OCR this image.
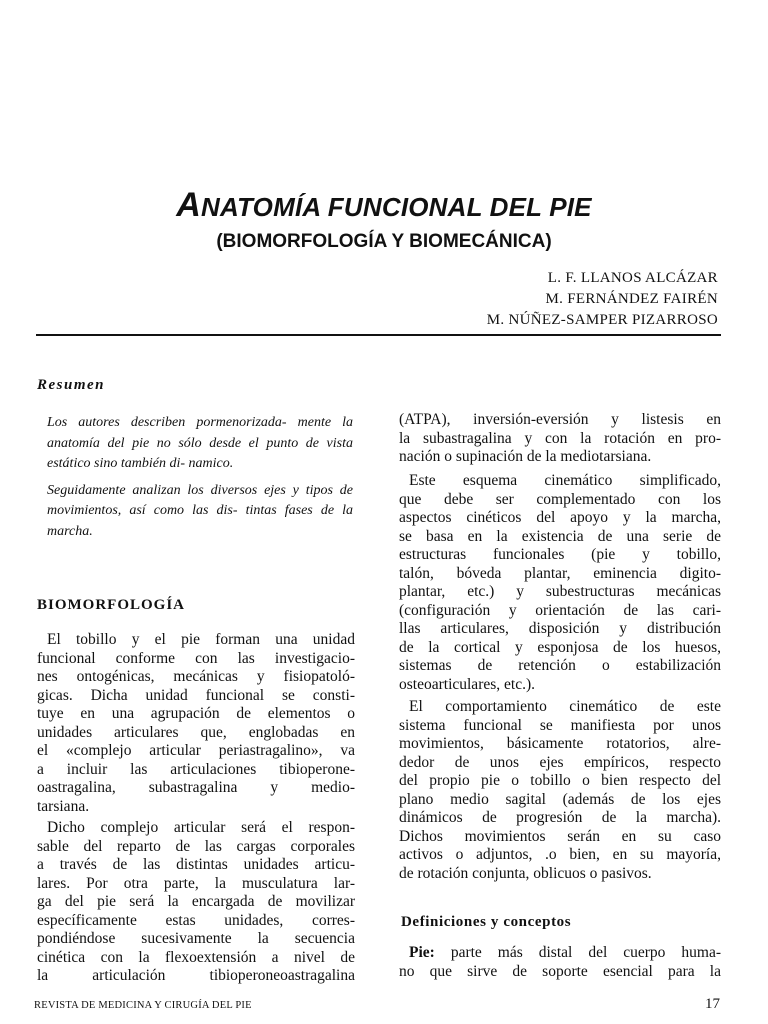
ANATOMÍA FUNCIONAL DEL PIE
(BIOMORFOLOGÍA Y BIOMECÁNICA)
L. F. LLANOS ALCÁZAR
M. FERNÁNDEZ FAIRÉN
M. NÚÑEZ-SAMPER PIZARROSO
Resumen

Los autores describen pormenorizada- mente la anatomía del pie no sólo desde el punto de vista estático sino también di- namico.

Seguidamente analizan los diversos ejes y tipos de movimientos, así como las dis- tintas fases de la marcha.

BIOMORFOLOGÍA
El tobillo y el pie forman una unidad
funcional conforme con las investigacio-
nes ontogénicas, mecánicas y fisiopatoló-
gicas. Dicha unidad funcional se consti-
tuye en una agrupación de elementos o
unidades articulares que, englobadas en
el «complejo articular periastragalino», va
a incluir las articulaciones tibioperone-
oastragalina, subastragalina y medio-
tarsiana.
Dicho complejo articular será el respon-
sable del reparto de las cargas corporales
a través de las distintas unidades articu-
lares. Por otra parte, la musculatura lar-
ga del pie será la encargada de movilizar
específicamente estas unidades, corres-
pondiéndose sucesivamente la secuencia
cinética con la flexoextensión a nivel de
la articulación tibioperoneoastragalina
(ATPA), inversión-eversión y listesis en
la subastragalina y con la rotación en pro-
nación o supinación de la mediotarsiana.
Este esquema cinemático simplificado,
que debe ser complementado con los
aspectos cinéticos del apoyo y la marcha,
se basa en la existencia de una serie de
estructuras funcionales (pie y tobillo,
talón, bóveda plantar, eminencia digito-
plantar, etc.) y subestructuras mecánicas
(configuración y orientación de las cari-
llas articulares, disposición y distribución
de la cortical y esponjosa de los huesos,
sistemas de retención o estabilización
osteoarticulares, etc.).
El comportamiento cinemático de este
sistema funcional se manifiesta por unos
movimientos, básicamente rotatorios, alre-
dedor de unos ejes empíricos, respecto
del propio pie o tobillo o bien respecto del
plano medio sagital (además de los ejes
dinámicos de progresión de la marcha).
Dichos movimientos serán en su caso
activos o adjuntos, .o bien, en su mayoría,
de rotación conjunta, oblicuos o pasivos.
Definiciones y conceptos
Pie: parte más distal del cuerpo huma-
no que sirve de soporte esencial para la
REVISTA DE MEDICINA Y CIRUGÍA DEL PIE	17
